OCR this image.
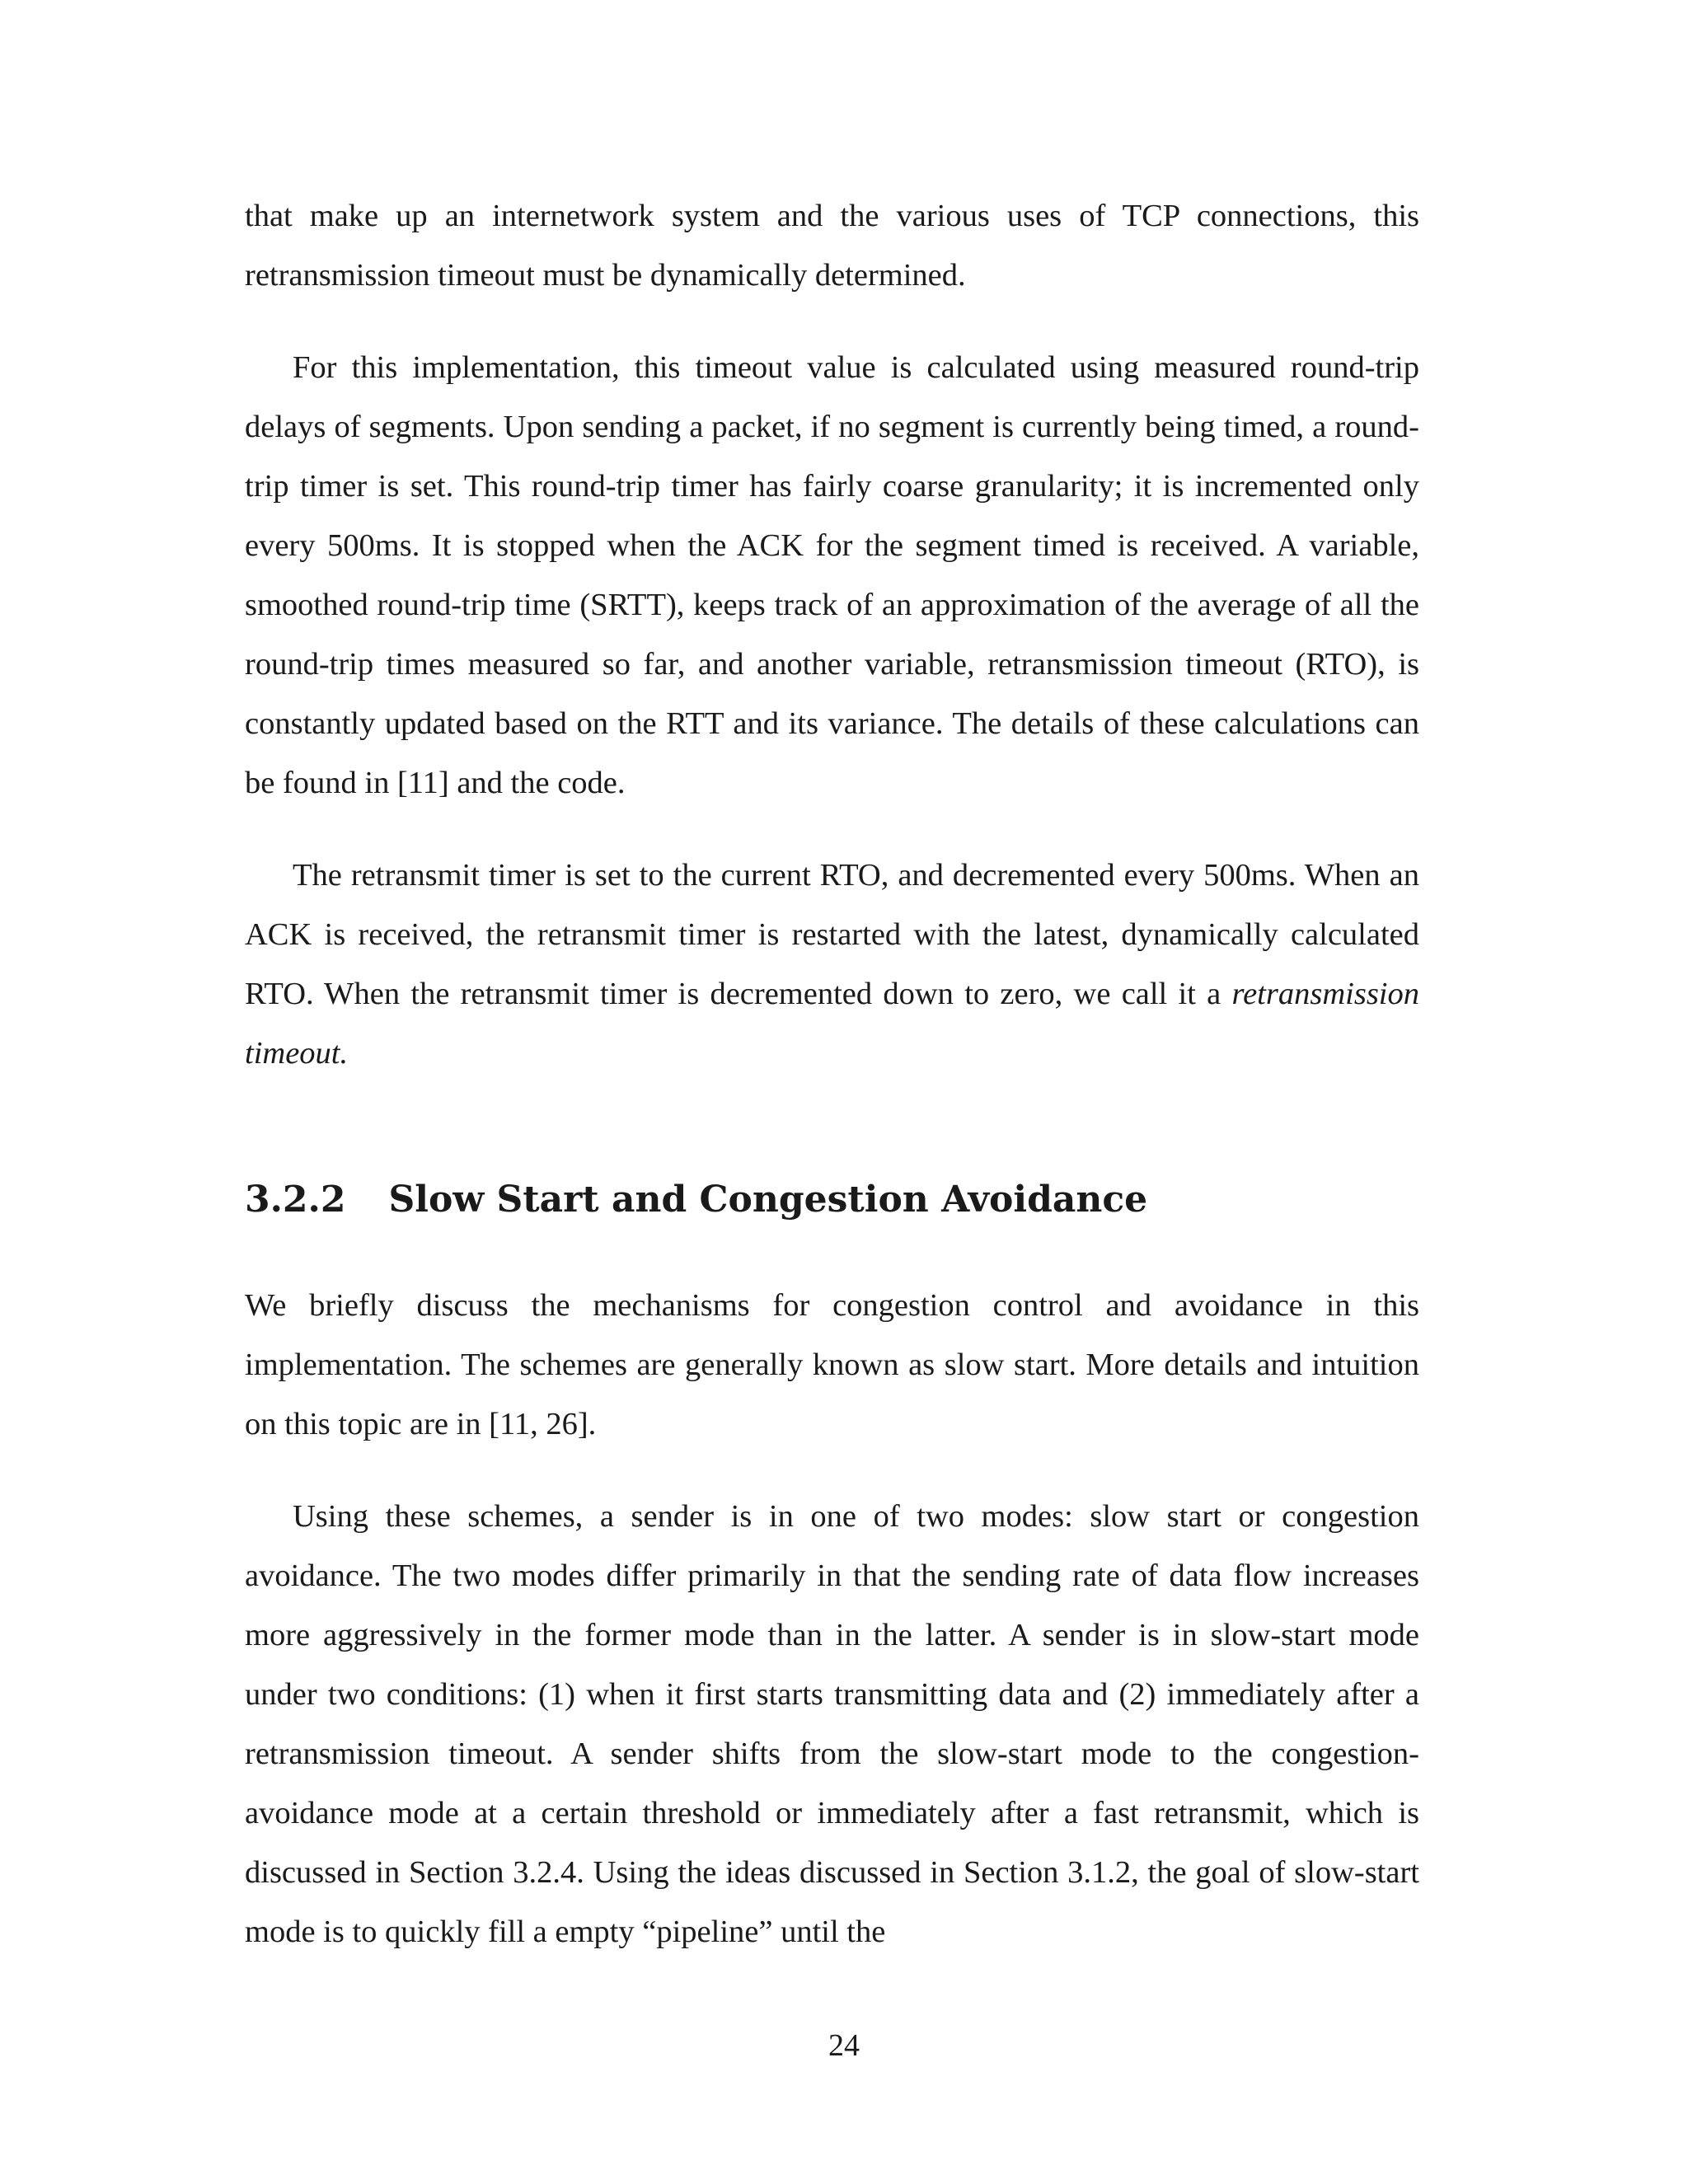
that make up an internetwork system and the various uses of TCP connections, this retransmission timeout must be dynamically determined.

For this implementation, this timeout value is calculated using measured round-trip delays of segments. Upon sending a packet, if no segment is currently being timed, a round-trip timer is set. This round-trip timer has fairly coarse granularity; it is incremented only every 500ms. It is stopped when the ACK for the segment timed is received. A variable, smoothed round-trip time (SRTT), keeps track of an approximation of the average of all the round-trip times measured so far, and another variable, retransmission timeout (RTO), is constantly updated based on the RTT and its variance. The details of these calculations can be found in [11] and the code.

The retransmit timer is set to the current RTO, and decremented every 500ms. When an ACK is received, the retransmit timer is restarted with the latest, dynamically calculated RTO. When the retransmit timer is decremented down to zero, we call it a retransmission timeout.

3.2.2 Slow Start and Congestion Avoidance

We briefly discuss the mechanisms for congestion control and avoidance in this implementation. The schemes are generally known as slow start. More details and intuition on this topic are in [11, 26].

Using these schemes, a sender is in one of two modes: slow start or congestion avoidance. The two modes differ primarily in that the sending rate of data flow increases more aggressively in the former mode than in the latter. A sender is in slow-start mode under two conditions: (1) when it first starts transmitting data and (2) immediately after a retransmission timeout. A sender shifts from the slow-start mode to the congestion-avoidance mode at a certain threshold or immediately after a fast retransmit, which is discussed in Section 3.2.4. Using the ideas discussed in Section 3.1.2, the goal of slow-start mode is to quickly fill a empty “pipeline” until the

24
